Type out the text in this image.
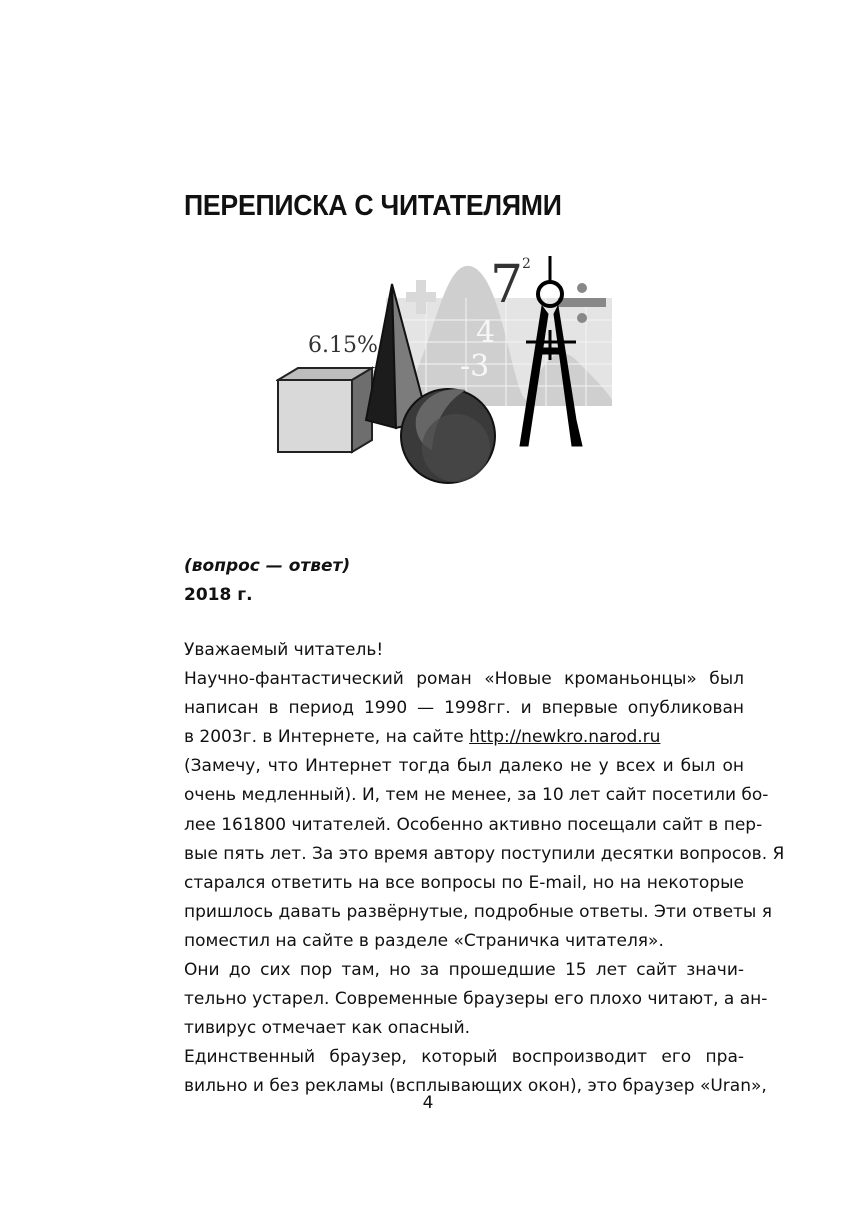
ПЕРЕПИСКА С ЧИТАТЕЛЯМИ
7
2
4
-3
6.15%
(вопрос — ответ)
2018 г.
Уважаемый читатель!
Научно-фантастический роман «Новые кроманьонцы» был
написан в период 1990 — 1998гг. и впервые опубликован
в 2003г. в Интернете, на сайте http://newkro.narod.ru
(Замечу, что Интернет тогда был далеко не у всех и был он
очень медленный). И, тем не менее, за 10 лет сайт посетили бо-
лее 161800 читателей. Особенно активно посещали сайт в пер-
вые пять лет. За это время автору поступили десятки вопросов. Я
старался ответить на все вопросы по E-mail, но на некоторые
пришлось давать развёрнутые, подробные ответы. Эти ответы я
поместил на сайте в разделе «Страничка читателя».
Они до сих пор там, но за прошедшие 15 лет сайт значи-
тельно устарел. Современные браузеры его плохо читают, а ан-
тивирус отмечает как опасный.
Единственный браузер, который воспроизводит его пра-
вильно и без рекламы (всплывающих окон), это браузер «Uran»,
4
